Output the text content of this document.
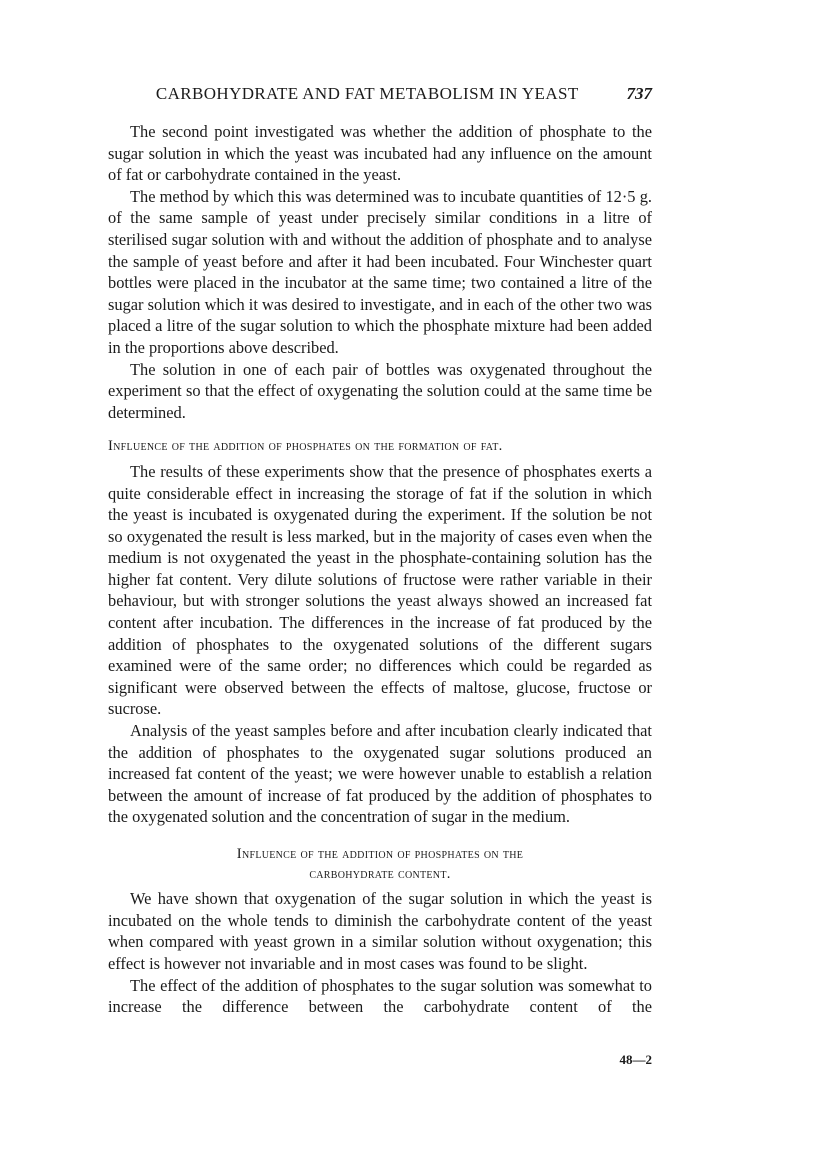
CARBOHYDRATE AND FAT METABOLISM IN YEAST	737

The second point investigated was whether the addition of phosphate to the sugar solution in which the yeast was incubated had any influence on the amount of fat or carbohydrate contained in the yeast.

The method by which this was determined was to incubate quantities of 12·5 g. of the same sample of yeast under precisely similar conditions in a litre of sterilised sugar solution with and without the addition of phosphate and to analyse the sample of yeast before and after it had been incubated. Four Winchester quart bottles were placed in the incubator at the same time; two contained a litre of the sugar solution which it was desired to investigate, and in each of the other two was placed a litre of the sugar solution to which the phosphate mixture had been added in the proportions above described.

The solution in one of each pair of bottles was oxygenated throughout the experiment so that the effect of oxygenating the solution could at the same time be determined.

Influence of the addition of phosphates on the formation of fat.

The results of these experiments show that the presence of phosphates exerts a quite considerable effect in increasing the storage of fat if the solution in which the yeast is incubated is oxygenated during the experiment. If the solution be not so oxygenated the result is less marked, but in the majority of cases even when the medium is not oxygenated the yeast in the phosphate-containing solution has the higher fat content. Very dilute solutions of fructose were rather variable in their behaviour, but with stronger solutions the yeast always showed an increased fat content after incubation. The differences in the increase of fat produced by the addition of phosphates to the oxygenated solutions of the different sugars examined were of the same order; no differences which could be regarded as significant were observed between the effects of maltose, glucose, fructose or sucrose.

Analysis of the yeast samples before and after incubation clearly indicated that the addition of phosphates to the oxygenated sugar solutions produced an increased fat content of the yeast; we were however unable to establish a relation between the amount of increase of fat produced by the addition of phosphates to the oxygenated solution and the concentration of sugar in the medium.

Influence of the addition of phosphates on the
carbohydrate content.

We have shown that oxygenation of the sugar solution in which the yeast is incubated on the whole tends to diminish the carbohydrate content of the yeast when compared with yeast grown in a similar solution without oxygenation; this effect is however not invariable and in most cases was found to be slight.

The effect of the addition of phosphates to the sugar solution was somewhat to increase the difference between the carbohydrate content of the

48—2
